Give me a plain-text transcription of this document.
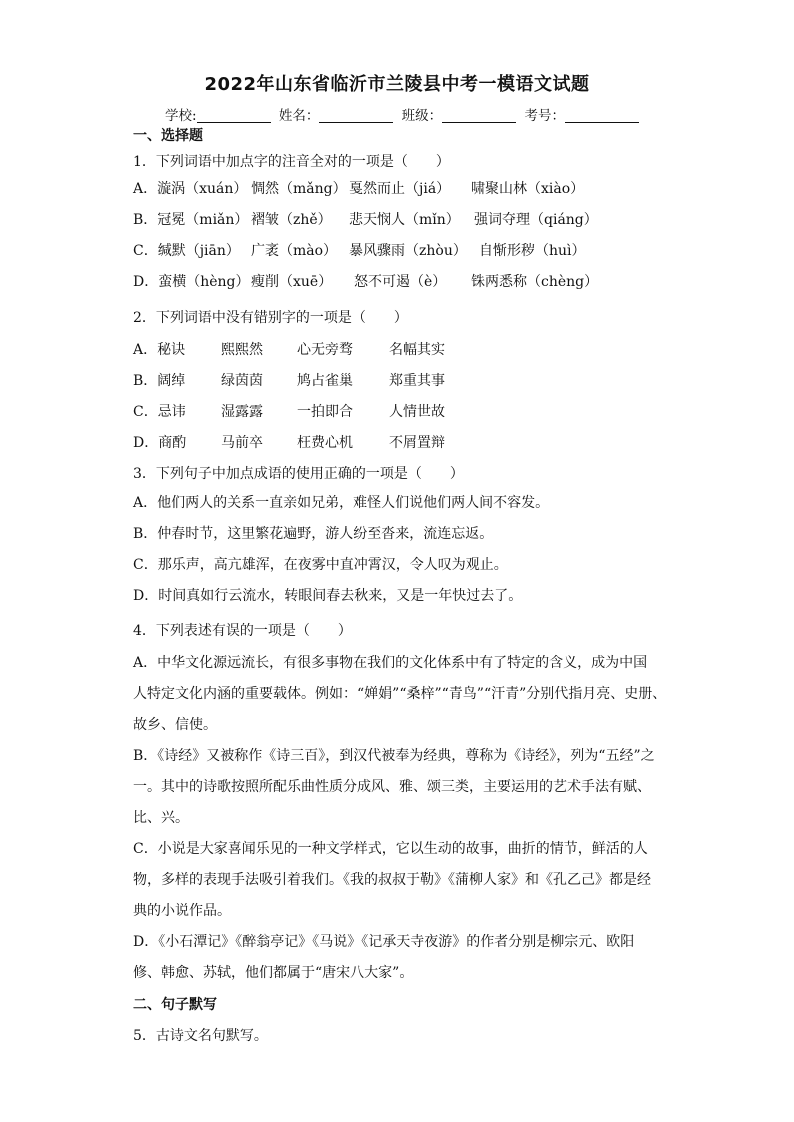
2022年山东省临沂市兰陵县中考一模语文试题
学校:	姓名：	班级：	考号：
一、选择题
1．下列词语中加点字的注音全对的一项是（　　）
A．漩涡（xuán） 惆然（mǎng） 戛然而止（jiá） 啸聚山林（xiào）
B．冠冕（miǎn） 褶皱（zhě） 悲天悯人（mǐn） 强词夺理（qiáng）
C．缄默（jiān） 广袤（mào） 暴风骤雨（zhòu） 自惭形秽（huì）
D．蛮横（hèng） 瘦削（xuē） 怒不可遏（è） 铢两悉称（chèng）
2．下列词语中没有错别字的一项是（　　）
A．秘诀	熙熙然 心无旁骛	名幅其实
B．阔绰	绿茵茵 鸠占雀巢	郑重其事
C．忌讳	湿露露 一拍即合	人情世故
D．商酌 马前卒 枉费心机	不屑置辩
3．下列句子中加点成语的使用正确的一项是（　　）
A．他们两人的关系一直亲如兄弟，难怪人们说他们两人间不容发。
B．仲春时节，这里繁花遍野，游人纷至沓来，流连忘返。
C．那乐声，高亢雄浑，在夜雾中直冲霄汉，令人叹为观止。
D．时间真如行云流水，转眼间春去秋来，又是一年快过去了。
4．下列表述有误的一项是（　　）
A．中华文化源远流长，有很多事物在我们的文化体系中有了特定的含义，成为中国
人特定文化内涵的重要载体。例如：“婵娟”“桑梓”“青鸟”“汗青”分别代指月亮、史册、
故乡、信使。
B．《诗经》又被称作《诗三百》，到汉代被奉为经典，尊称为《诗经》，列为“五经”之
一。其中的诗歌按照所配乐曲性质分成风、雅、颂三类，主要运用的艺术手法有赋、
比、兴。
C．小说是大家喜闻乐见的一种文学样式，它以生动的故事，曲折的情节，鲜活的人
物，多样的表现手法吸引着我们。《我的叔叔于勒》《蒲柳人家》和《孔乙己》都是经
典的小说作品。
D．《小石潭记》《醉翁亭记》《马说》《记承天寺夜游》的作者分别是柳宗元、欧阳
修、韩愈、苏轼，他们都属于“唐宋八大家”。
二、句子默写
5．古诗文名句默写。
